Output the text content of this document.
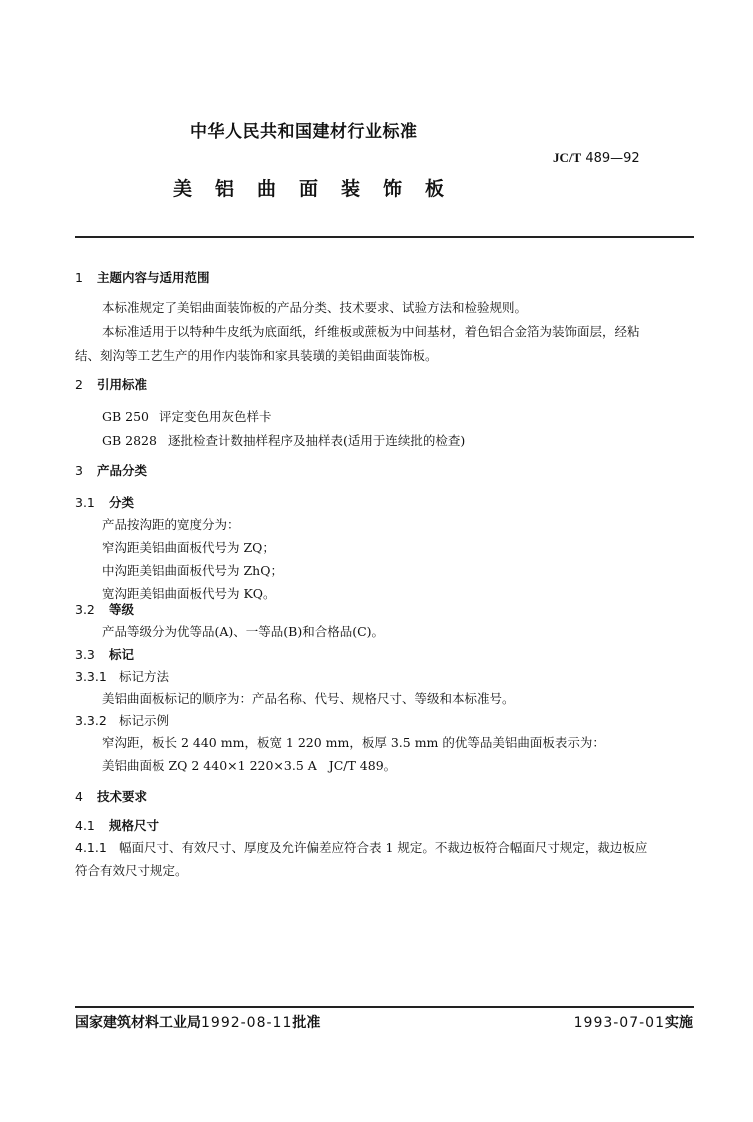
中华人民共和国建材行业标准
JC/T 489—92
美铝曲面装饰板
1 主题内容与适用范围
本标准规定了美铝曲面装饰板的产品分类、技术要求、试验方法和检验规则。
本标准适用于以特种牛皮纸为底面纸，纤维板或蔗板为中间基材，着色铝合金箔为装饰面层，经粘
结、刻沟等工艺生产的用作内装饰和家具装璜的美铝曲面装饰板。
2 引用标准
GB 250 评定变色用灰色样卡
GB 2828 逐批检查计数抽样程序及抽样表(适用于连续批的检查)
3 产品分类
3.1 分类
产品按沟距的宽度分为：
窄沟距美铝曲面板代号为 ZQ；
中沟距美铝曲面板代号为 ZhQ；
宽沟距美铝曲面板代号为 KQ。
3.2 等级
产品等级分为优等品(A)、一等品(B)和合格品(C)。
3.3 标记
3.3.1 标记方法
美铝曲面板标记的顺序为：产品名称、代号、规格尺寸、等级和本标准号。
3.3.2 标记示例
窄沟距，板长 2 440 mm，板宽 1 220 mm，板厚 3.5 mm 的优等品美铝曲面板表示为：
美铝曲面板 ZQ 2 440×1 220×3.5 A   JC/T 489。
4 技术要求
4.1 规格尺寸
4.1.1 幅面尺寸、有效尺寸、厚度及允许偏差应符合表 1 规定。不裁边板符合幅面尺寸规定，裁边板应
符合有效尺寸规定。
国家建筑材料工业局1992-08-11批准	1993-07-01实施
